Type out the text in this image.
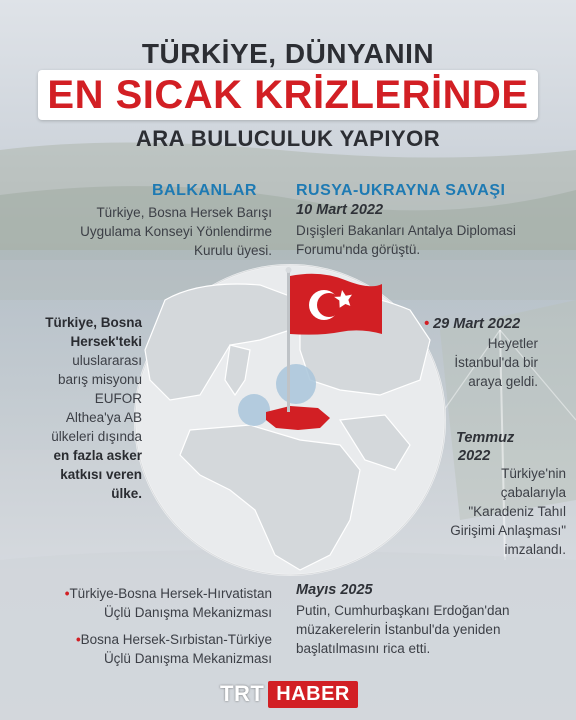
TÜRKİYE, DÜNYANIN
EN SICAK KRİZLERİNDE
ARA BULUCULUK YAPIYOR
BALKANLAR
Türkiye, Bosna Hersek Barışı
Uygulama Konseyi Yönlendirme
Kurulu üyesi.
Türkiye, Bosna
Hersek'teki
uluslararası
barış misyonu
EUFOR
Althea'ya AB
ülkeleri dışında
en fazla asker
katkısı veren
ülke.
•Türkiye-Bosna Hersek-Hırvatistan
Üçlü Danışma Mekanizması
•Bosna Hersek-Sırbistan-Türkiye
Üçlü Danışma Mekanizması
RUSYA-UKRAYNA SAVAŞI
10 Mart 2022
Dışişleri Bakanları Antalya Diplomasi
Forumu'nda görüştü.
• 29 Mart 2022
Heyetler
İstanbul'da bir
araya geldi.
Temmuz
2022
Türkiye'nin
çabalarıyla
"Karadeniz Tahıl
Girişimi Anlaşması"
imzalandı.
Mayıs 2025
Putin, Cumhurbaşkanı Erdoğan'dan
müzakerelerin İstanbul'da yeniden
başlatılmasını rica etti.
TRT HABER
